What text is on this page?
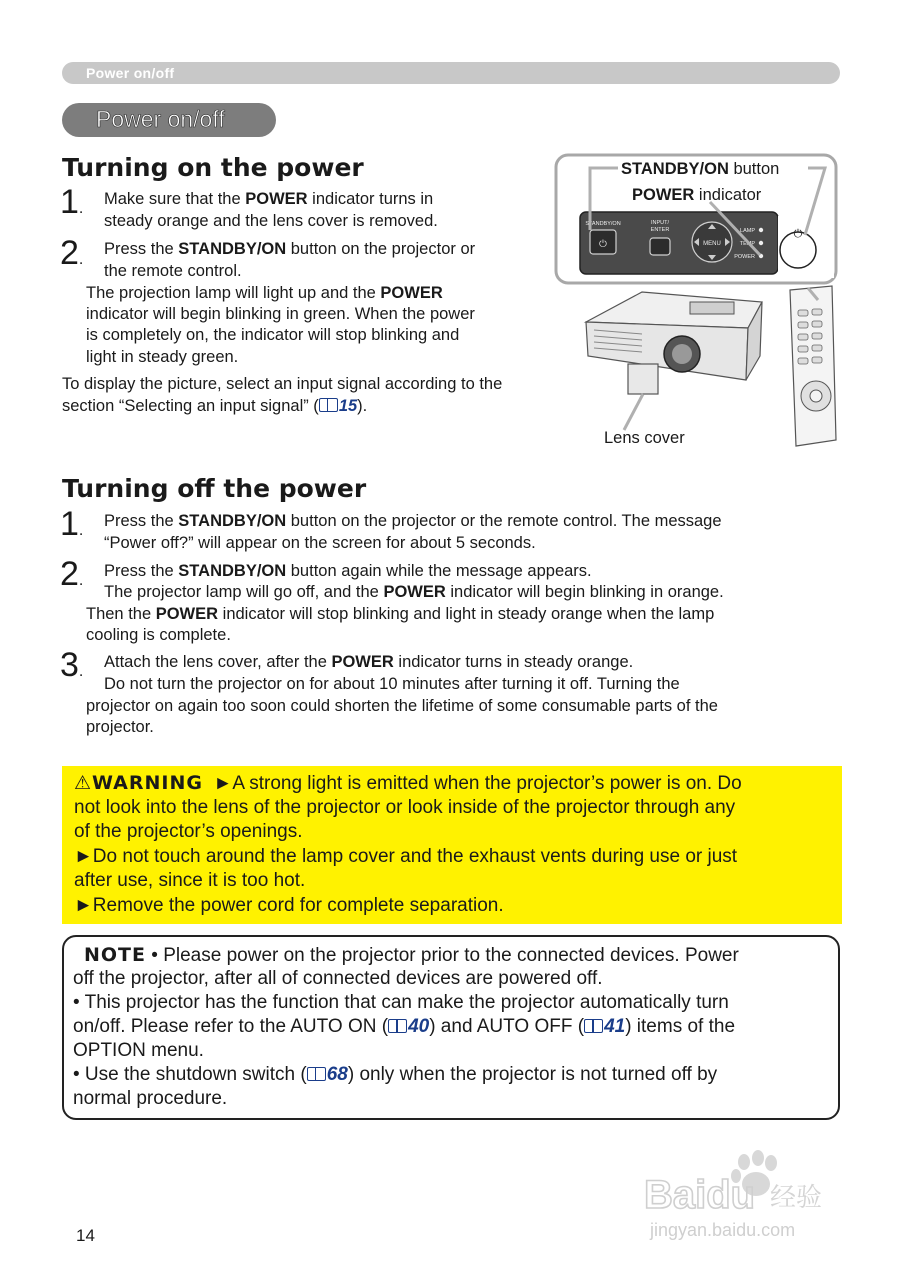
Power on/off
Power on/off
Turning on the power
1 . Make sure that the POWER indicator turns in
steady orange and the lens cover is removed.
2 . Press the STANDBY/ON button on the projector or
the remote control.
The projection lamp will light up and the POWER
indicator will begin blinking in green. When the power
is completely on, the indicator will stop blinking and
light in steady green.
To display the picture, select an input signal according to the
section “Selecting an input signal” ( 15).
STANDBY/ON
⏻
INPUT/
ENTER
MENU
LAMP
TEMP
POWER
⏻
STANDBY/ON button
POWER indicator
Lens cover
Turning off the power
1 . Press the STANDBY/ON button on the projector or the remote control. The message
“Power off?” will appear on the screen for about 5 seconds.
2 . Press the STANDBY/ON button again while the message appears.
The projector lamp will go off, and the POWER indicator will begin blinking in orange.
Then the POWER indicator will stop blinking and light in steady orange when the lamp
cooling is complete.
3 . Attach the lens cover, after the POWER indicator turns in steady orange.
Do not turn the projector on for about 10 minutes after turning it off. Turning the
projector on again too soon could shorten the lifetime of some consumable parts of the
projector.
⚠WARNING ►A strong light is emitted when the projector’s power is on. Do
not look into the lens of the projector or look inside of the projector through any
of the projector’s openings.
►Do not touch around the lamp cover and the exhaust vents during use or just
after use, since it is too hot.
►Remove the power cord for complete separation.
NOTE • Please power on the projector prior to the connected devices. Power
off the projector, after all of connected devices are powered off.
• This projector has the function that can make the projector automatically turn
on/off. Please refer to the AUTO ON ( 40) and AUTO OFF ( 41) items of the
OPTION menu.
• Use the shutdown switch ( 68) only when the projector is not turned off by
normal procedure.
14
Baidu 经验
jingyan.baidu.com
